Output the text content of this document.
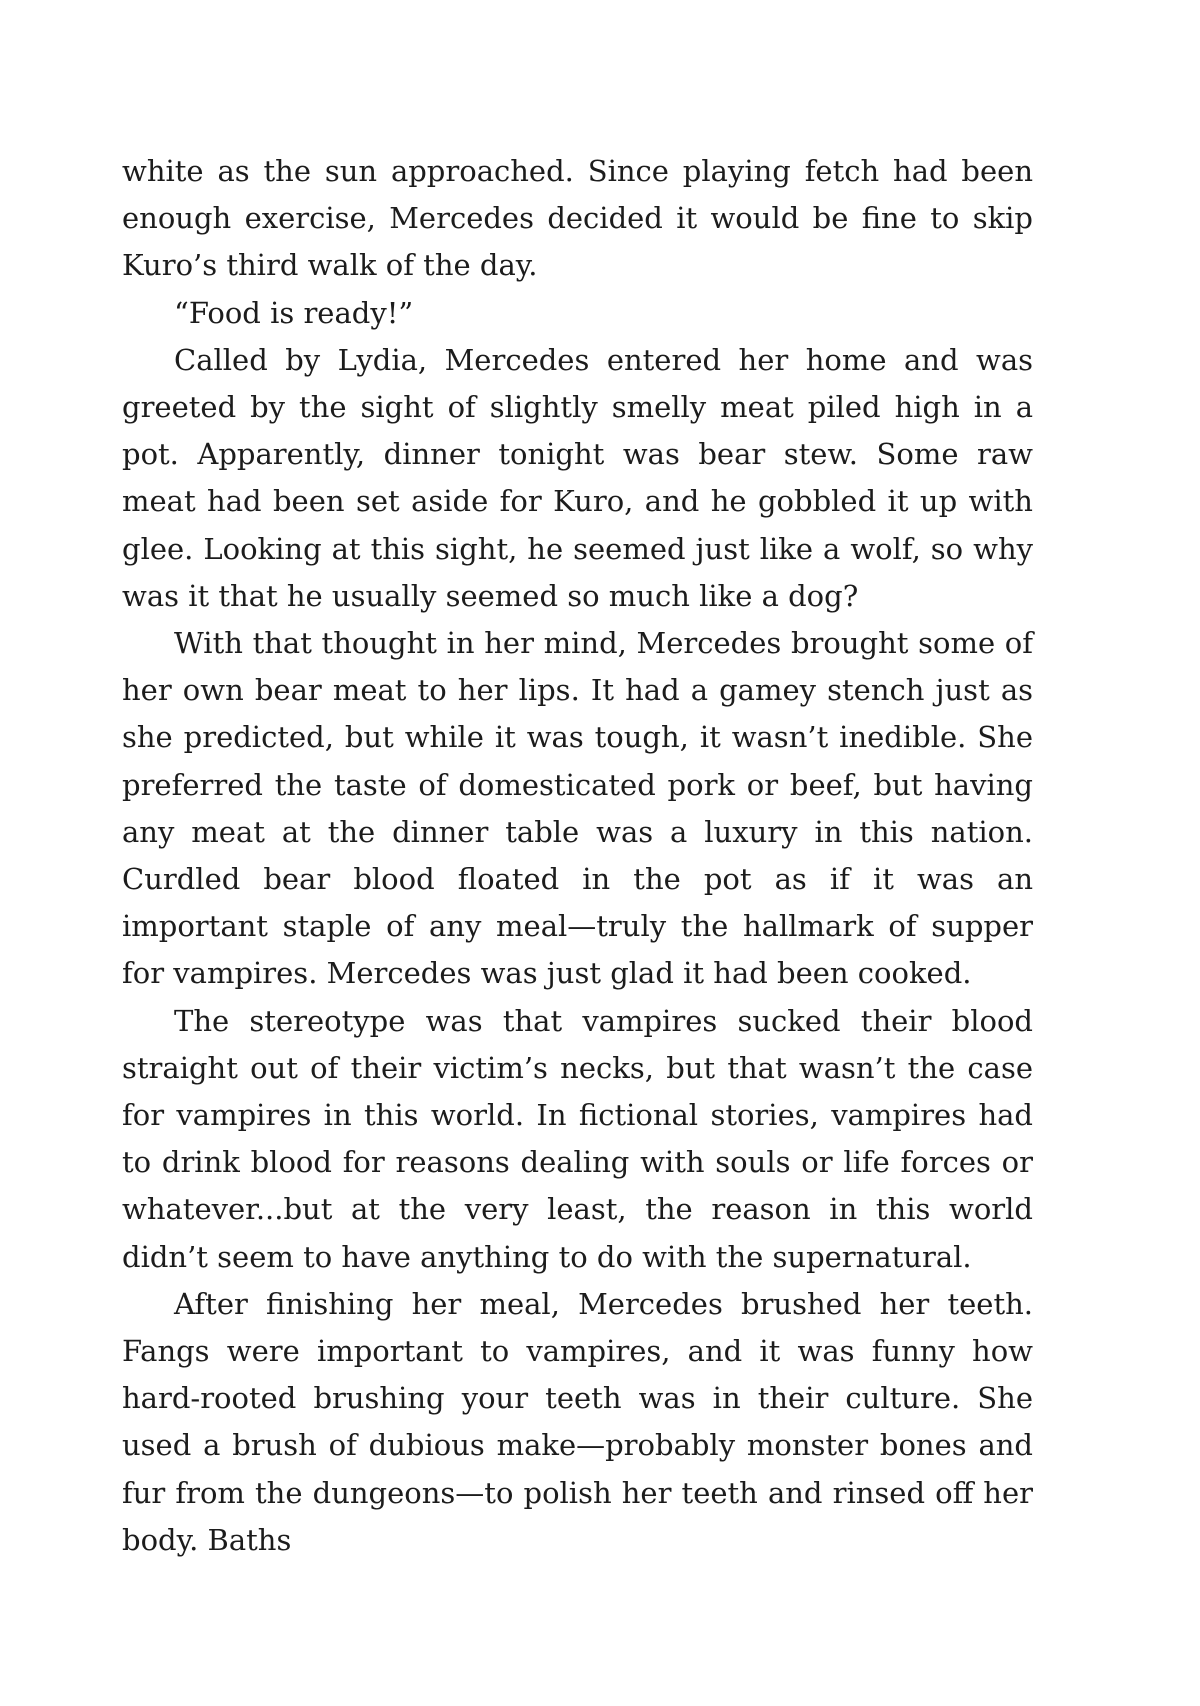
white as the sun approached. Since playing fetch had been enough exercise, Mercedes decided it would be fine to skip Kuro’s third walk of the day.

“Food is ready!”

Called by Lydia, Mercedes entered her home and was greeted by the sight of slightly smelly meat piled high in a pot. Apparently, dinner tonight was bear stew. Some raw meat had been set aside for Kuro, and he gobbled it up with glee. Looking at this sight, he seemed just like a wolf, so why was it that he usually seemed so much like a dog?

With that thought in her mind, Mercedes brought some of her own bear meat to her lips. It had a gamey stench just as she predicted, but while it was tough, it wasn’t inedible. She preferred the taste of domesticated pork or beef, but having any meat at the dinner table was a luxury in this nation. Curdled bear blood floated in the pot as if it was an important staple of any meal—truly the hallmark of supper for vampires. Mercedes was just glad it had been cooked.

The stereotype was that vampires sucked their blood straight out of their victim’s necks, but that wasn’t the case for vampires in this world. In fictional stories, vampires had to drink blood for reasons dealing with souls or life forces or whatever...but at the very least, the reason in this world didn’t seem to have anything to do with the supernatural.

After finishing her meal, Mercedes brushed her teeth. Fangs were important to vampires, and it was funny how hard-rooted brushing your teeth was in their culture. She used a brush of dubious make—probably monster bones and fur from the dungeons—to polish her teeth and rinsed off her body. Baths
